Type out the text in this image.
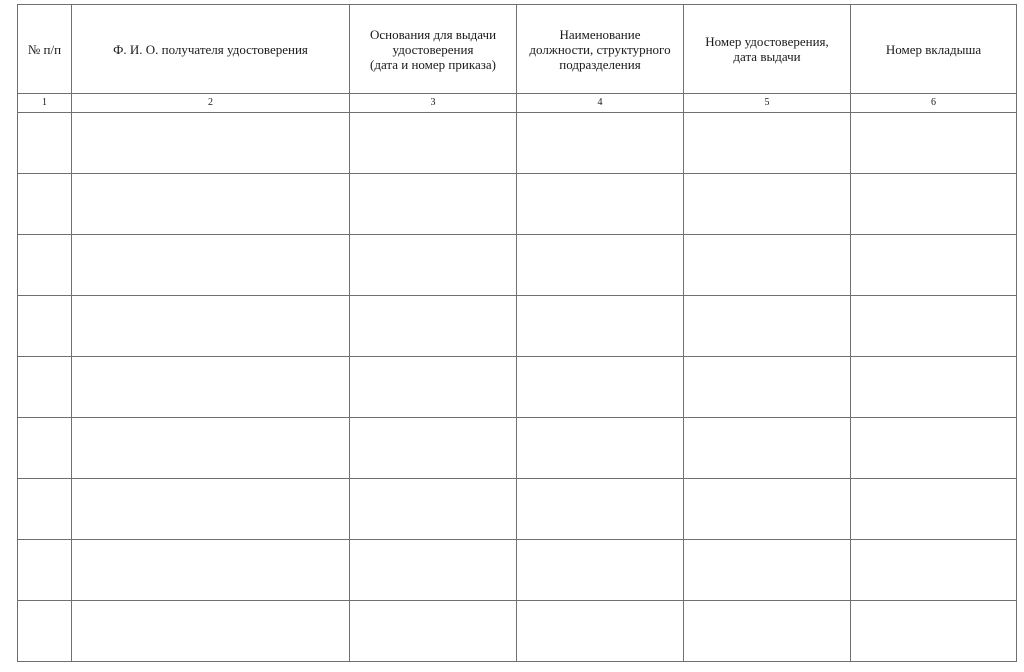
№ п/п	Ф. И. О. получателя удостоверения	Основания для выдачи
удостоверения
(дата и номер приказа)	Наименование
должности, структурного
подразделения	Номер удостоверения,
дата выдачи	Номер вкладыша
1	2	3	4	5	6
